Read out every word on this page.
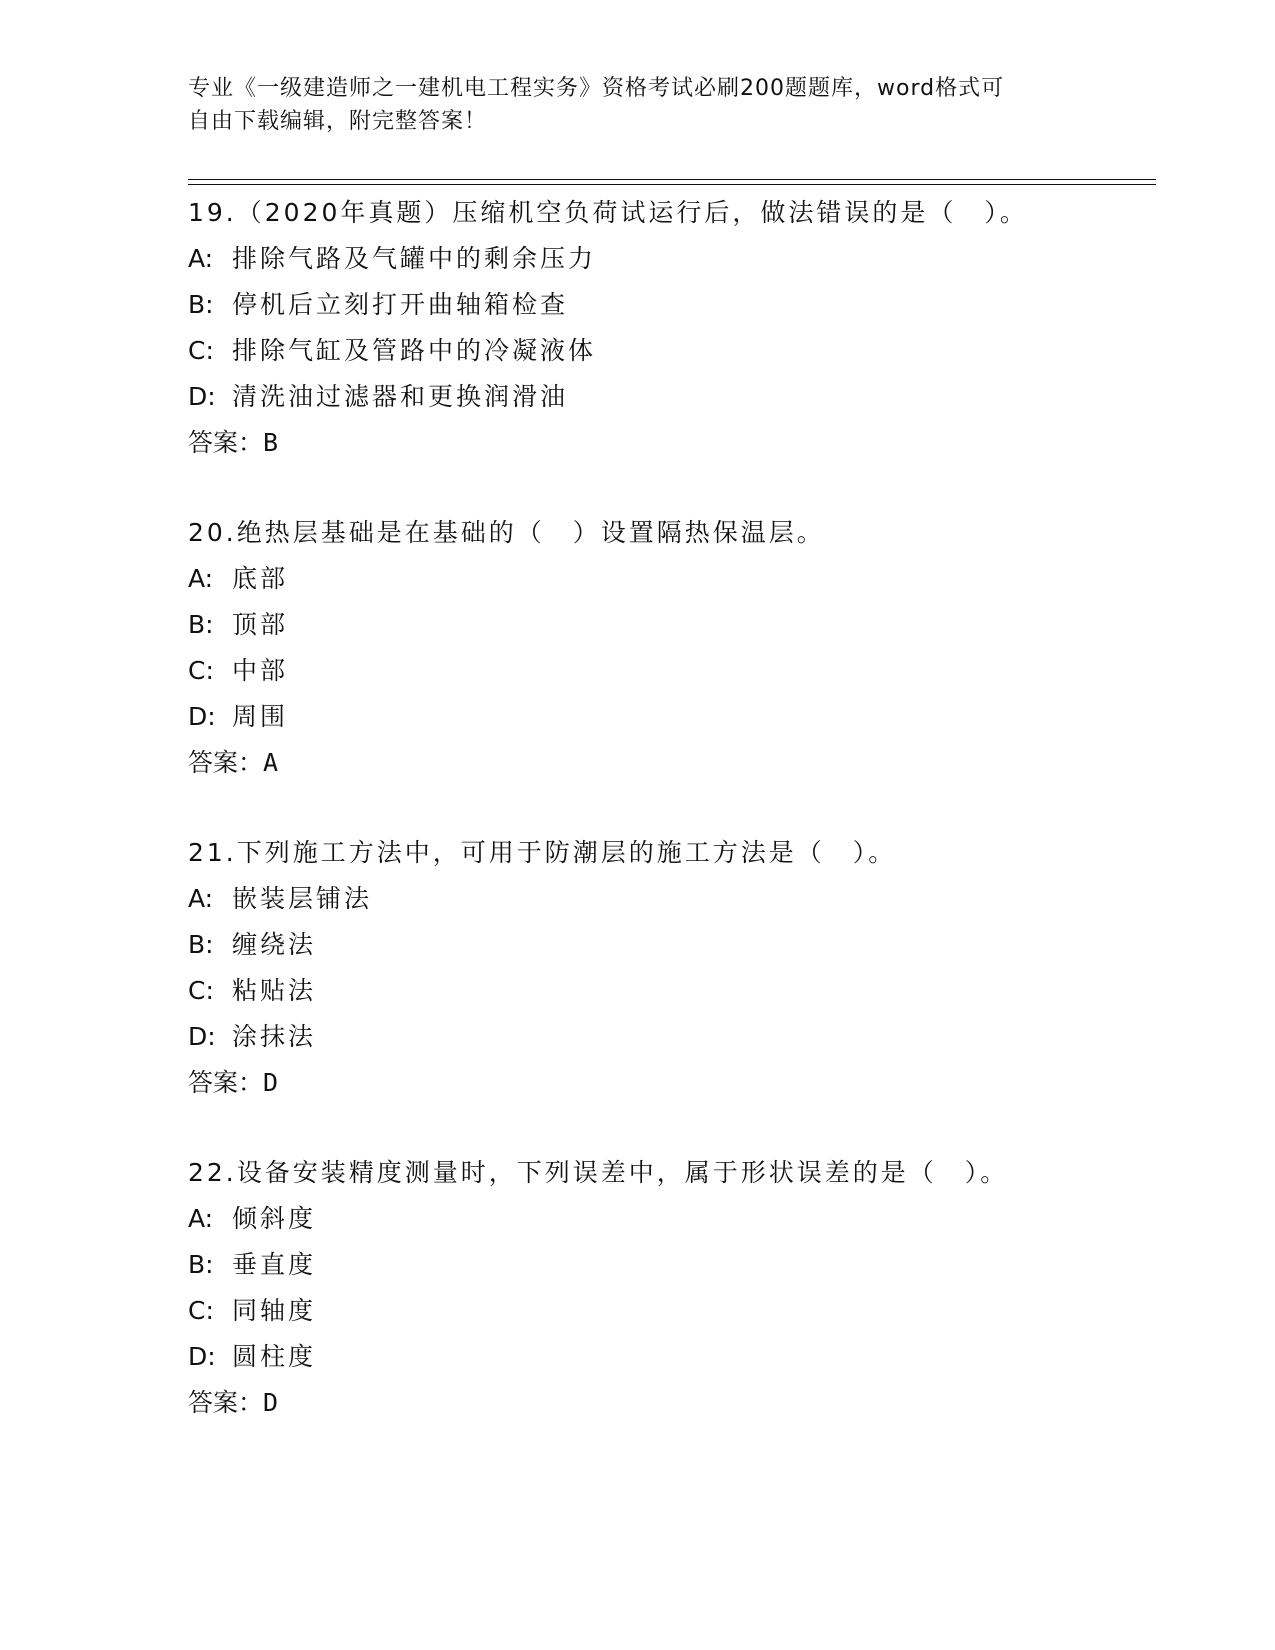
专业《一级建造师之一建机电工程实务》资格考试必刷200题题库，word格式可
自由下载编辑，附完整答案！
19.（2020年真题）压缩机空负荷试运行后，做法错误的是（　）。
A: 排除气路及气罐中的剩余压力
B: 停机后立刻打开曲轴箱检查
C: 排除气缸及管路中的冷凝液体
D: 清洗油过滤器和更换润滑油
答案：B
20.绝热层基础是在基础的（　）设置隔热保温层。
A: 底部
B: 顶部
C: 中部
D: 周围
答案：A
21.下列施工方法中，可用于防潮层的施工方法是（　）。
A: 嵌装层铺法
B: 缠绕法
C: 粘贴法
D: 涂抹法
答案：D
22.设备安装精度测量时，下列误差中，属于形状误差的是（　）。
A: 倾斜度
B: 垂直度
C: 同轴度
D: 圆柱度
答案：D
